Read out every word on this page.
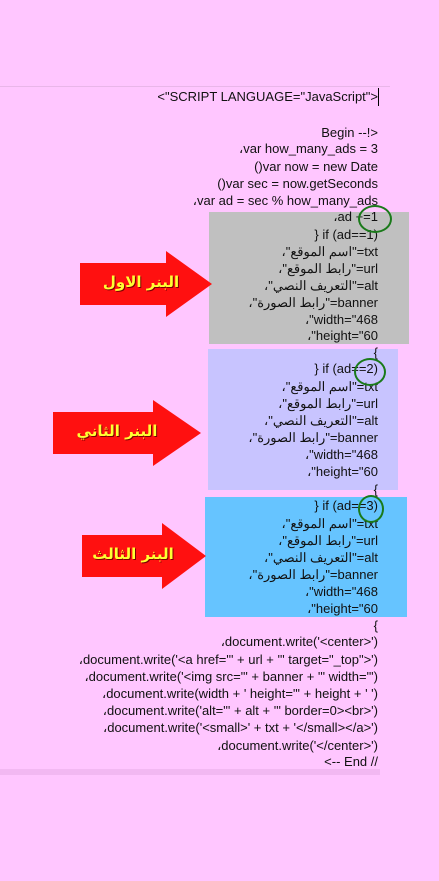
<"SCRIPT LANGUAGE="JavaScript">
Begin --!>
،var how_many_ads = 3
()var now = new Date
()var sec = now.getSeconds
،var ad = sec % how_many_ads
،ad +=1
} if (ad==1)
،"اسم الموقع"=txt
،"رابط الموقع"=url
،"التعريف النصي"=alt
،"رابط الصورة"=banner
،"width="468
،"height="60
{
} if (ad==2)
،"اسم الموقع"=txt
،"رابط الموقع"=url
،"التعريف النصي"=alt
،"رابط الصورة"=banner
،"width="468
،"height="60
{
} if (ad==3)
،"اسم الموقع"=txt
،"رابط الموقع"=url
،"التعريف النصي"=alt
،"رابط الصورة"=banner
،"width="468
،"height="60
{
،document.write('<center>')
،document.write('<a href="' + url + '" target="_top">')
،document.write('<img src="' + banner + '" width="')
،document.write(width + ' height="' + height + ' ')
،document.write('alt="' + alt + '" border=0><br>')
،document.write('<small>' + txt + '</small></a>')
،document.write('</center>')
<-- End //
البنر الاول
البنر الثاني
البنر الثالث
